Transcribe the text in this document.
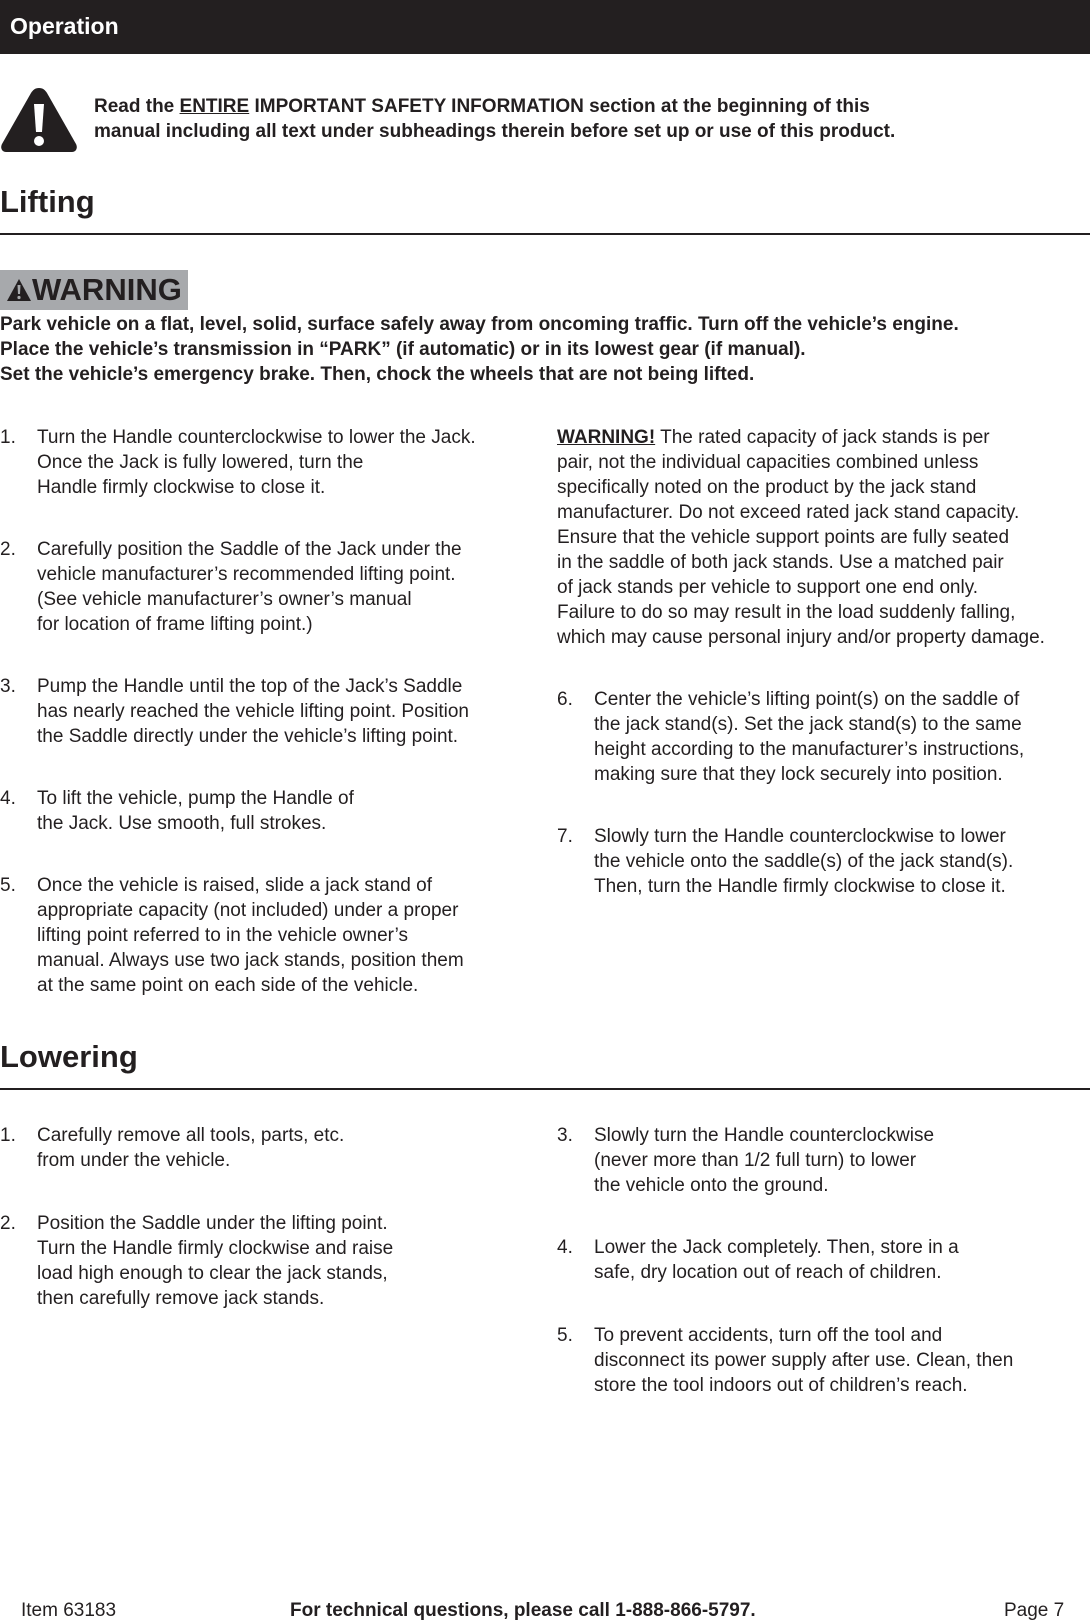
Operation
Read the ENTIRE IMPORTANT SAFETY INFORMATION section at the beginning of this
manual including all text under subheadings therein before set up or use of this product.
Lifting
WARNING
Park vehicle on a flat, level, solid, surface safely away from oncoming traffic. Turn off the vehicle’s engine.
Place the vehicle’s transmission in “PARK” (if automatic) or in its lowest gear (if manual).
Set the vehicle’s emergency brake. Then, chock the wheels that are not being lifted.
1. Turn the Handle counterclockwise to lower the Jack.
Once the Jack is fully lowered, turn the
Handle firmly clockwise to close it.
2. Carefully position the Saddle of the Jack under the
vehicle manufacturer’s recommended lifting point.
(See vehicle manufacturer’s owner’s manual
for location of frame lifting point.)
3. Pump the Handle until the top of the Jack’s Saddle
has nearly reached the vehicle lifting point. Position
the Saddle directly under the vehicle’s lifting point.
4. To lift the vehicle, pump the Handle of
the Jack. Use smooth, full strokes.
5. Once the vehicle is raised, slide a jack stand of
appropriate capacity (not included) under a proper
lifting point referred to in the vehicle owner’s
manual. Always use two jack stands, position them
at the same point on each side of the vehicle.
WARNING! The rated capacity of jack stands is per
pair, not the individual capacities combined unless
specifically noted on the product by the jack stand
manufacturer. Do not exceed rated jack stand capacity.
Ensure that the vehicle support points are fully seated
in the saddle of both jack stands. Use a matched pair
of jack stands per vehicle to support one end only.
Failure to do so may result in the load suddenly falling,
which may cause personal injury and/or property damage.
6. Center the vehicle’s lifting point(s) on the saddle of
the jack stand(s). Set the jack stand(s) to the same
height according to the manufacturer’s instructions,
making sure that they lock securely into position.
7. Slowly turn the Handle counterclockwise to lower
the vehicle onto the saddle(s) of the jack stand(s).
Then, turn the Handle firmly clockwise to close it.
Lowering
1. Carefully remove all tools, parts, etc.
from under the vehicle.
2. Position the Saddle under the lifting point.
Turn the Handle firmly clockwise and raise
load high enough to clear the jack stands,
then carefully remove jack stands.
3. Slowly turn the Handle counterclockwise
(never more than 1/2 full turn) to lower
the vehicle onto the ground.
4. Lower the Jack completely. Then, store in a
safe, dry location out of reach of children.
5. To prevent accidents, turn off the tool and
disconnect its power supply after use. Clean, then
store the tool indoors out of children’s reach.
Item 63183	For technical questions, please call 1-888-866-5797.	Page 7
